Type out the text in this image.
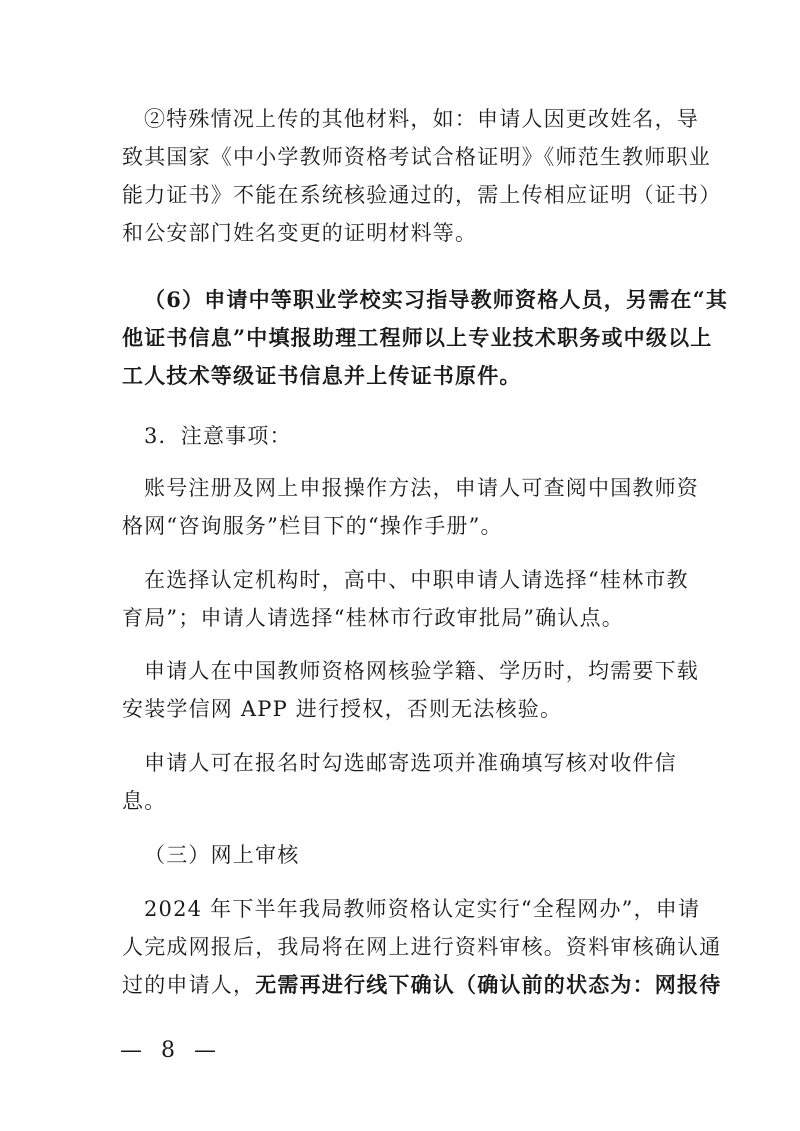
②特殊情况上传的其他材料，如：申请人因更改姓名，导
致其国家《中小学教师资格考试合格证明》《师范生教师职业
能力证书》不能在系统核验通过的，需上传相应证明（证书）
和公安部门姓名变更的证明材料等。

（6）申请中等职业学校实习指导教师资格人员，另需在“其
他证书信息”中填报助理工程师以上专业技术职务或中级以上
工人技术等级证书信息并上传证书原件。

3．注意事项：

账号注册及网上申报操作方法，申请人可查阅中国教师资
格网“咨询服务”栏目下的“操作手册”。

在选择认定机构时，高中、中职申请人请选择“桂林市教
育局”；申请人请选择“桂林市行政审批局”确认点。

申请人在中国教师资格网核验学籍、学历时，均需要下载
安装学信网 APP 进行授权，否则无法核验。

申请人可在报名时勾选邮寄选项并准确填写核对收件信
息。

（三）网上审核

2024 年下半年我局教师资格认定实行“全程网办”，申请
人完成网报后，我局将在网上进行资料审核。资料审核确认通
过的申请人，无需再进行线下确认（确认前的状态为：网报待

— 8 —
